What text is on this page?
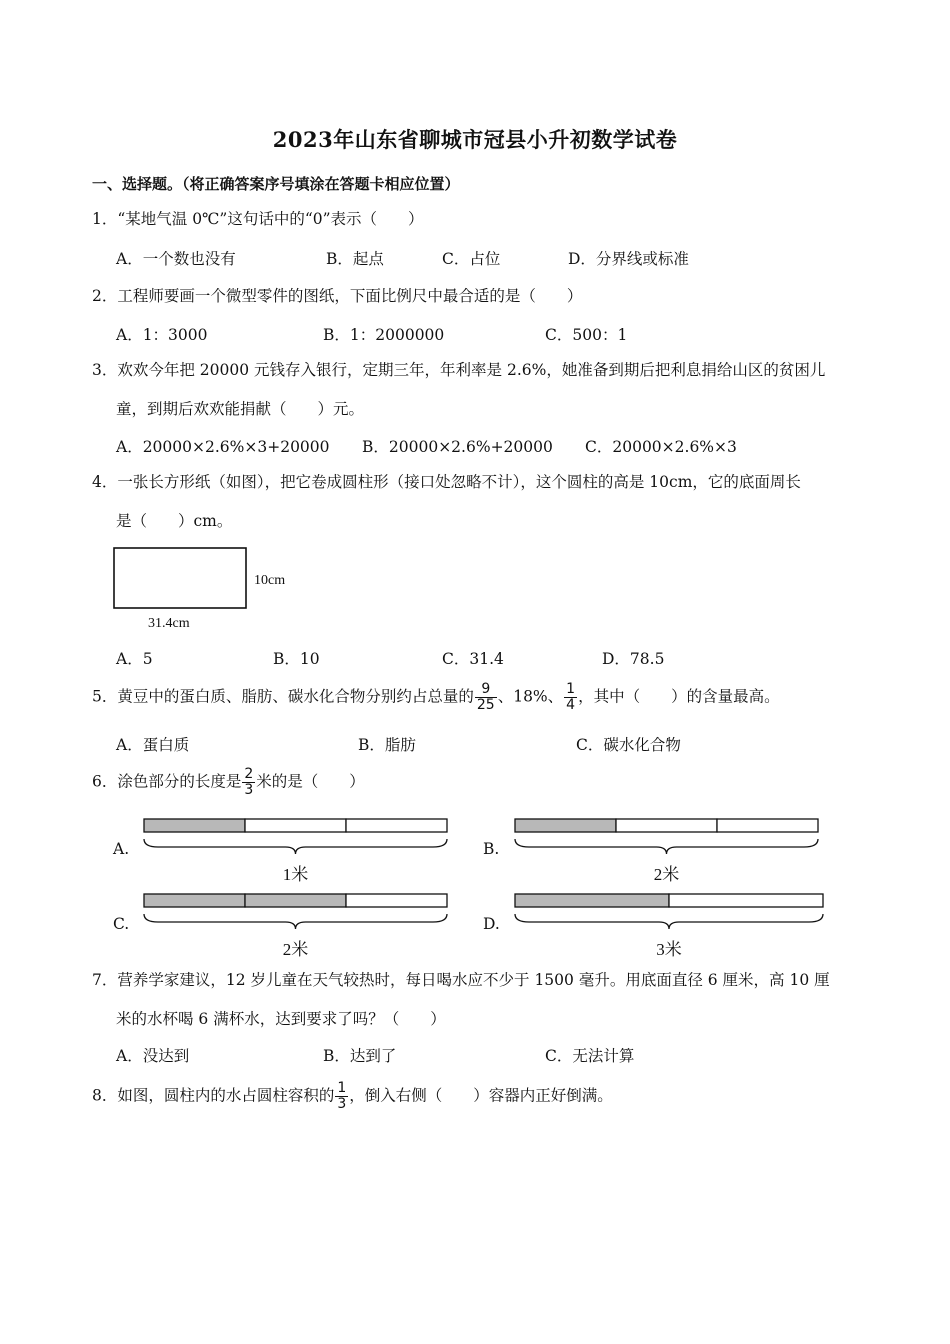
2023年山东省聊城市冠县小升初数学试卷
一、选择题。（将正确答案序号填涂在答题卡相应位置）
1．“某地气温 0℃”这句话中的“0”表示（　　）
A．一个数也没有	B．起点	C．占位	D．分界线或标准
2．工程师要画一个微型零件的图纸，下面比例尺中最合适的是（　　）
A．1：3000	B．1：2000000	C．500：1
3．欢欢今年把 20000 元钱存入银行，定期三年，年利率是 2.6%，她准备到期后把利息捐给山区的贫困儿
童，到期后欢欢能捐献（　　）元。
A．20000×2.6%×3+20000 B．20000×2.6%+20000 C．20000×2.6%×3
4．一张长方形纸（如图），把它卷成圆柱形（接口处忽略不计），这个圆柱的高是 10cm，它的底面周长
是（　　）cm。
10cm
31.4cm
A．5	B．10	C．31.4	D．78.5
5．黄豆中的蛋白质、脂肪、碳水化合物分别约占总量的 $\frac{9}{25}$ 、18%、 $\frac{1}{4}$ ，其中（　　）的含量最高。
A．蛋白质	B．脂肪	C．碳水化合物
6．涂色部分的长度是 $\frac{2}{3}$ 米的是（　　）
A.
1米
B.
2米
C.
2米
D.
3米
7．营养学家建议，12 岁儿童在天气较热时，每日喝水应不少于 1500 毫升。用底面直径 6 厘米，高 10 厘
米的水杯喝 6 满杯水，达到要求了吗？（　　）
A．没达到	B．达到了	C．无法计算
8．如图，圆柱内的水占圆柱容积的 $\frac{1}{3}$ ，倒入右侧（　　）容器内正好倒满。
